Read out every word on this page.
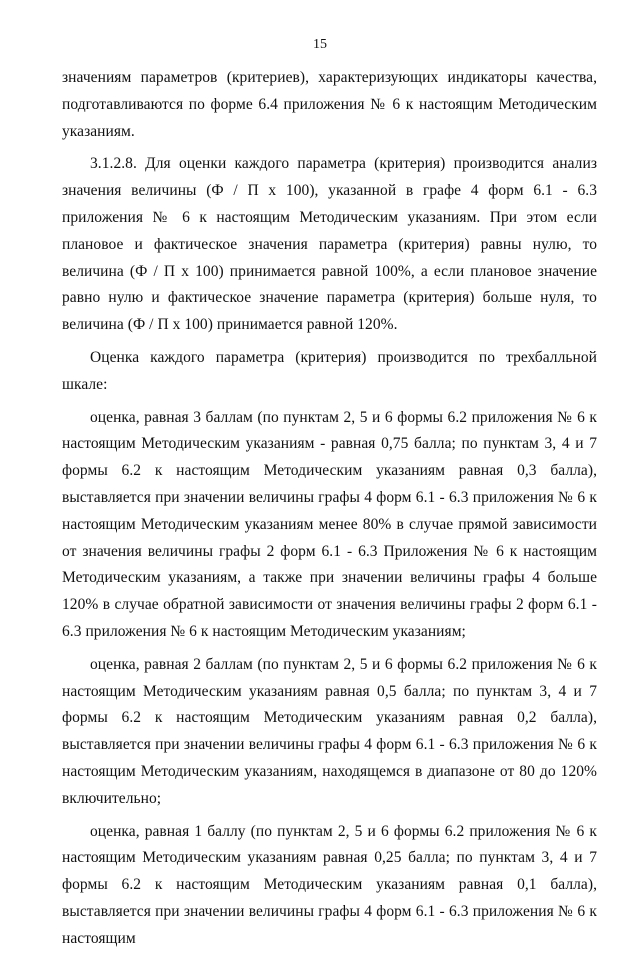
15

значениям параметров (критериев), характеризующих индикаторы качества, подготавливаются по форме 6.4 приложения № 6 к настоящим Методическим указаниям.

3.1.2.8. Для оценки каждого параметра (критерия) производится анализ значения величины (Ф / П х 100), указанной в графе 4 форм 6.1 - 6.3 приложения № 6 к настоящим Методическим указаниям. При этом если плановое и фактическое значения параметра (критерия) равны нулю, то величина (Ф / П х 100) принимается равной 100%, а если плановое значение равно нулю и фактическое значение параметра (критерия) больше нуля, то величина (Ф / П х 100) принимается равной 120%.

Оценка каждого параметра (критерия) производится по трехбалльной шкале:

оценка, равная 3 баллам (по пунктам 2, 5 и 6 формы 6.2 приложения № 6 к настоящим Методическим указаниям - равная 0,75 балла; по пунктам 3, 4 и 7 формы 6.2 к настоящим Методическим указаниям равная 0,3 балла), выставляется при значении величины графы 4 форм 6.1 - 6.3 приложения № 6 к настоящим Методическим указаниям менее 80% в случае прямой зависимости от значения величины графы 2 форм 6.1 - 6.3 Приложения № 6 к настоящим Методическим указаниям, а также при значении величины графы 4 больше 120% в случае обратной зависимости от значения величины графы 2 форм 6.1 - 6.3 приложения № 6 к настоящим Методическим указаниям;

оценка, равная 2 баллам (по пунктам 2, 5 и 6 формы 6.2 приложения № 6 к настоящим Методическим указаниям равная 0,5 балла; по пунктам 3, 4 и 7 формы 6.2 к настоящим Методическим указаниям равная 0,2 балла), выставляется при значении величины графы 4 форм 6.1 - 6.3 приложения № 6 к настоящим Методическим указаниям, находящемся в диапазоне от 80 до 120% включительно;

оценка, равная 1 баллу (по пунктам 2, 5 и 6 формы 6.2 приложения № 6 к настоящим Методическим указаниям равная 0,25 балла; по пунктам 3, 4 и 7 формы 6.2 к настоящим Методическим указаниям равная 0,1 балла), выставляется при значении величины графы 4 форм 6.1 - 6.3 приложения № 6 к настоящим
